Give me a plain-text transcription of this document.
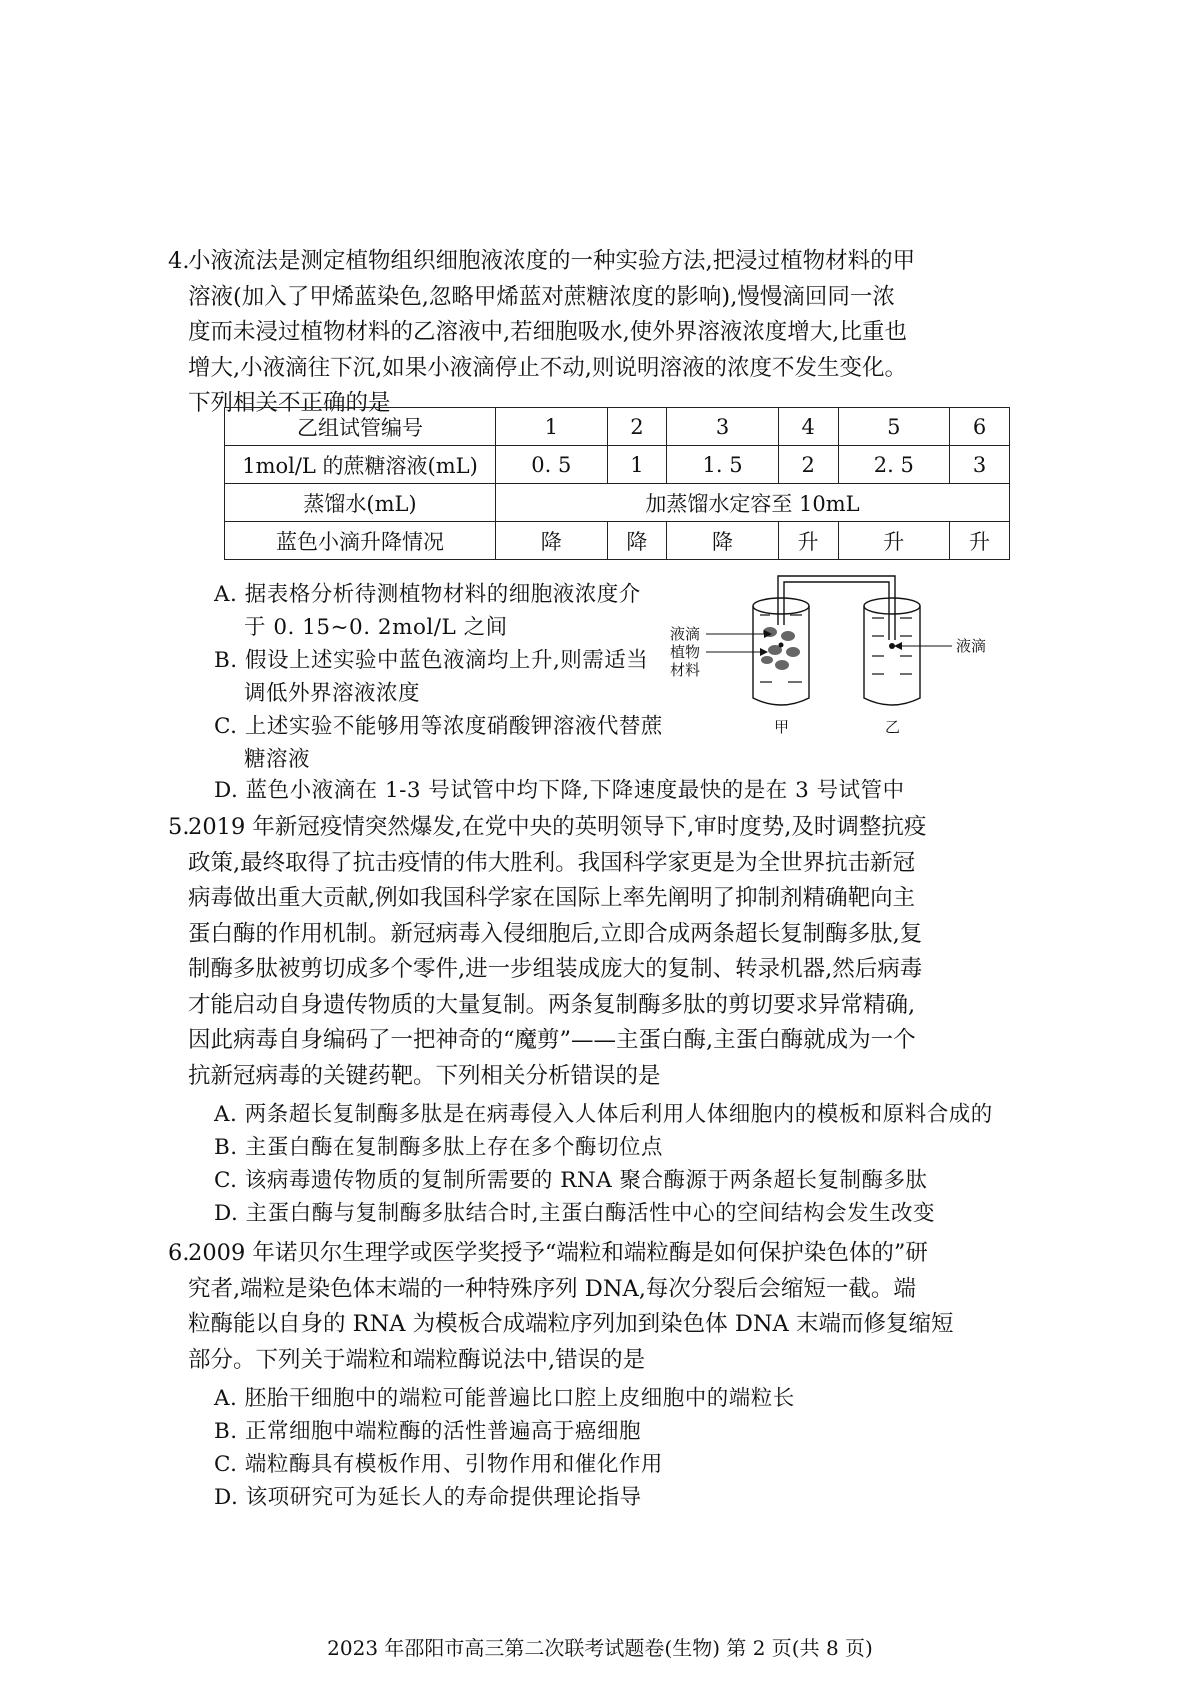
4.

小液流法是测定植物组织细胞液浓度的一种实验方法,把浸过植物材料的甲

溶液(加入了甲烯蓝染色,忽略甲烯蓝对蔗糖浓度的影响),慢慢滴回同一浓

度而未浸过植物材料的乙溶液中,若细胞吸水,使外界溶液浓度增大,比重也

增大,小液滴往下沉,如果小液滴停止不动,则说明溶液的浓度不发生变化。

下列相关不正确的是

乙组试管编号	1	2	3	4	5	6
1mol/L 的蔗糖溶液(mL)	0. 5	1	1. 5	2	2. 5	3
蒸馏水(mL)	加蒸馏水定容至 10mL					
蓝色小滴升降情况	降	降	降	升	升	升

A. 据表格分析待测植物材料的细胞液浓度介

于 0. 15~0. 2mol/L 之间

B. 假设上述实验中蓝色液滴均上升,则需适当

调低外界溶液浓度

C. 上述实验不能够用等浓度硝酸钾溶液代替蔗

糖溶液

D. 蓝色小液滴在 1-3 号试管中均下降,下降速度最快的是在 3 号试管中

液滴
植物
材料
液滴
甲	乙
5.

2019 年新冠疫情突然爆发,在党中央的英明领导下,审时度势,及时调整抗疫

政策,最终取得了抗击疫情的伟大胜利。我国科学家更是为全世界抗击新冠

病毒做出重大贡献,例如我国科学家在国际上率先阐明了抑制剂精确靶向主

蛋白酶的作用机制。新冠病毒入侵细胞后,立即合成两条超长复制酶多肽,复

制酶多肽被剪切成多个零件,进一步组装成庞大的复制、转录机器,然后病毒

才能启动自身遗传物质的大量复制。两条复制酶多肽的剪切要求异常精确,

因此病毒自身编码了一把神奇的“魔剪”——主蛋白酶,主蛋白酶就成为一个

抗新冠病毒的关键药靶。下列相关分析错误的是

A. 两条超长复制酶多肽是在病毒侵入人体后利用人体细胞内的模板和原料合成的

B. 主蛋白酶在复制酶多肽上存在多个酶切位点

C. 该病毒遗传物质的复制所需要的 RNA 聚合酶源于两条超长复制酶多肽

D. 主蛋白酶与复制酶多肽结合时,主蛋白酶活性中心的空间结构会发生改变

6.

2009 年诺贝尔生理学或医学奖授予“端粒和端粒酶是如何保护染色体的”研

究者,端粒是染色体末端的一种特殊序列 DNA,每次分裂后会缩短一截。端

粒酶能以自身的 RNA 为模板合成端粒序列加到染色体 DNA 末端而修复缩短

部分。下列关于端粒和端粒酶说法中,错误的是

A. 胚胎干细胞中的端粒可能普遍比口腔上皮细胞中的端粒长

B. 正常细胞中端粒酶的活性普遍高于癌细胞

C. 端粒酶具有模板作用、引物作用和催化作用

D. 该项研究可为延长人的寿命提供理论指导

2023 年邵阳市高三第二次联考试题卷(生物) 第 2 页(共 8 页)
